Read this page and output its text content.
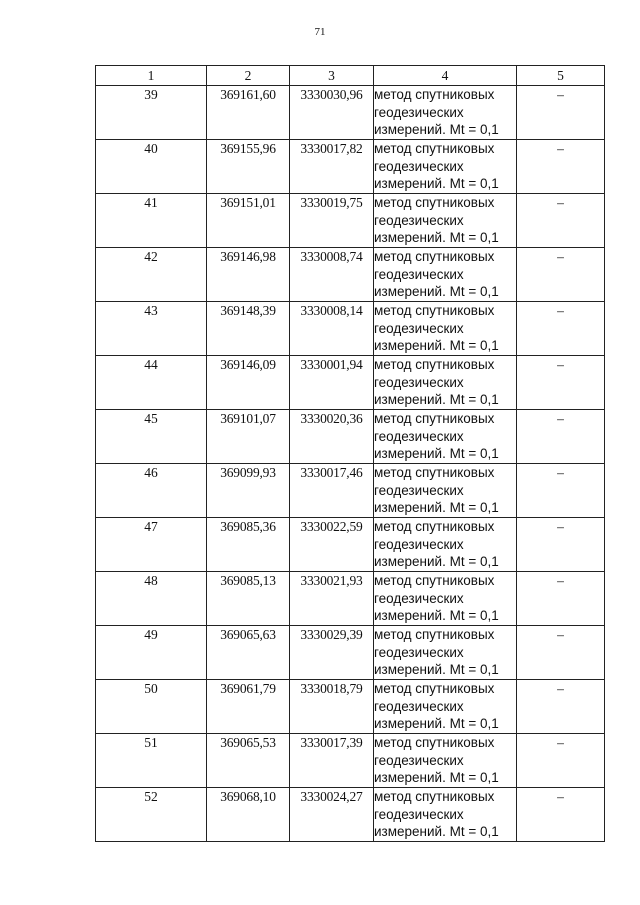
71
1	2	3	4	5
39	369161,60	3330030,96	метод спутниковых
геодезических
измерений. Mt = 0,1	–
40	369155,96	3330017,82	метод спутниковых
геодезических
измерений. Mt = 0,1	–
41	369151,01	3330019,75	метод спутниковых
геодезических
измерений. Mt = 0,1	–
42	369146,98	3330008,74	метод спутниковых
геодезических
измерений. Mt = 0,1	–
43	369148,39	3330008,14	метод спутниковых
геодезических
измерений. Mt = 0,1	–
44	369146,09	3330001,94	метод спутниковых
геодезических
измерений. Mt = 0,1	–
45	369101,07	3330020,36	метод спутниковых
геодезических
измерений. Mt = 0,1	–
46	369099,93	3330017,46	метод спутниковых
геодезических
измерений. Mt = 0,1	–
47	369085,36	3330022,59	метод спутниковых
геодезических
измерений. Mt = 0,1	–
48	369085,13	3330021,93	метод спутниковых
геодезических
измерений. Mt = 0,1	–
49	369065,63	3330029,39	метод спутниковых
геодезических
измерений. Mt = 0,1	–
50	369061,79	3330018,79	метод спутниковых
геодезических
измерений. Mt = 0,1	–
51	369065,53	3330017,39	метод спутниковых
геодезических
измерений. Mt = 0,1	–
52	369068,10	3330024,27	метод спутниковых
геодезических
измерений. Mt = 0,1	–
